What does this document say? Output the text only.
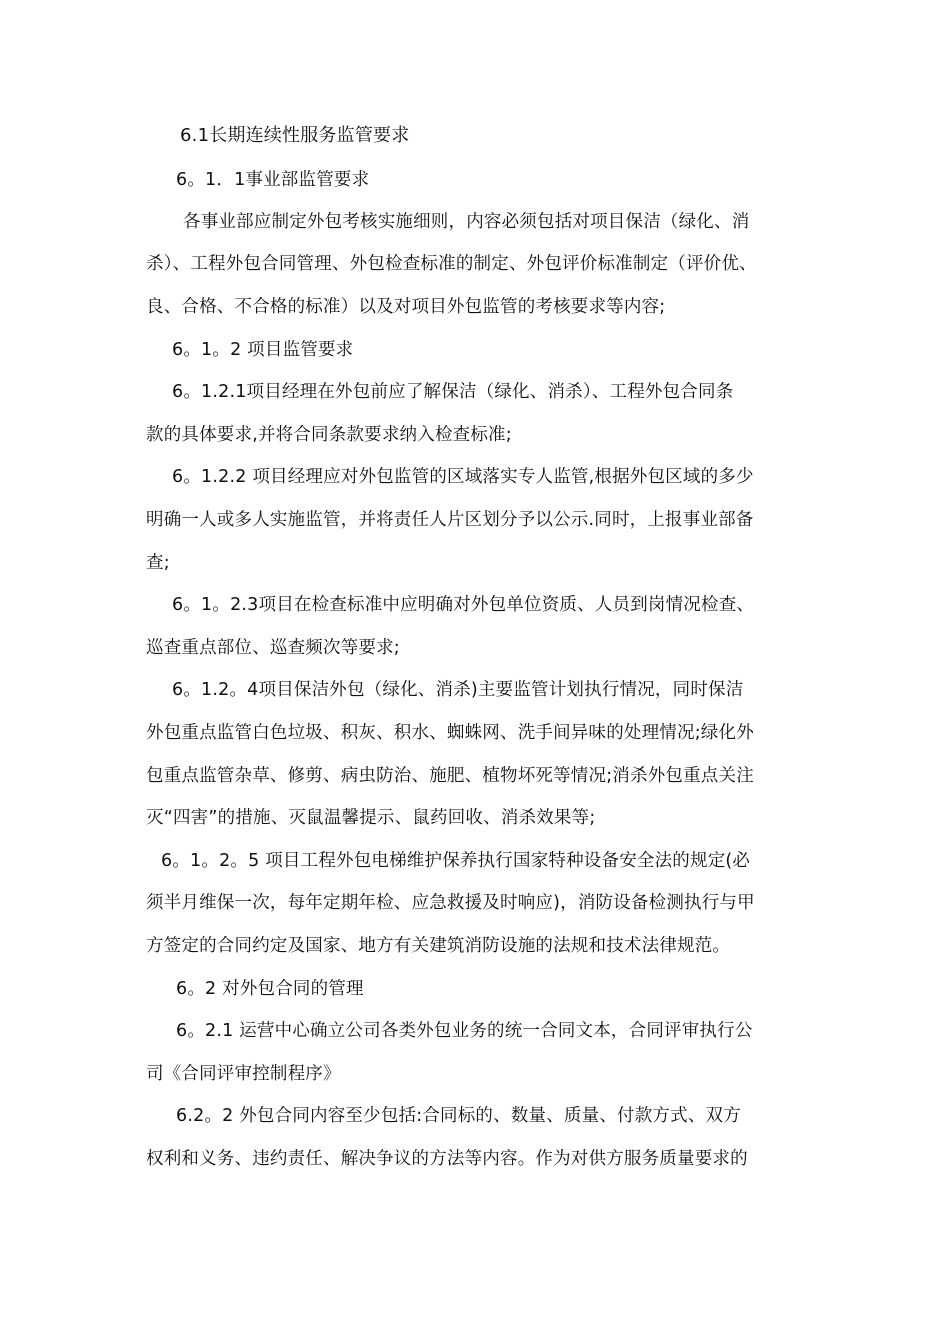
6.1长期连续性服务监管要求
6。1．1事业部监管要求
各事业部应制定外包考核实施细则，内容必须包括对项目保洁（绿化、消
杀）、工程外包合同管理、外包检查标准的制定、外包评价标准制定（评价优、
良、合格、不合格的标准）以及对项目外包监管的考核要求等内容;
6。1。2 项目监管要求
6。1.2.1项目经理在外包前应了解保洁（绿化、消杀）、工程外包合同条
款的具体要求,并将合同条款要求纳入检查标准;
6。1.2.2 项目经理应对外包监管的区域落实专人监管,根据外包区域的多少
明确一人或多人实施监管，并将责任人片区划分予以公示.同时，上报事业部备
查;
6。1。2.3项目在检查标准中应明确对外包单位资质、人员到岗情况检查、
巡查重点部位、巡查频次等要求;
6。1.2。4项目保洁外包（绿化、消杀)主要监管计划执行情况，同时保洁
外包重点监管白色垃圾、积灰、积水、蜘蛛网、洗手间异味的处理情况;绿化外
包重点监管杂草、修剪、病虫防治、施肥、植物坏死等情况;消杀外包重点关注
灭“四害”的措施、灭鼠温馨提示、鼠药回收、消杀效果等;
6。1。2。5 项目工程外包电梯维护保养执行国家特种设备安全法的规定(必
须半月维保一次，每年定期年检、应急救援及时响应)，消防设备检测执行与甲
方签定的合同约定及国家、地方有关建筑消防设施的法规和技术法律规范。
6。2 对外包合同的管理
6。2.1 运营中心确立公司各类外包业务的统一合同文本，合同评审执行公
司《合同评审控制程序》
6.2。2 外包合同内容至少包括:合同标的、数量、质量、付款方式、双方
权利和义务、违约责任、解决争议的方法等内容。作为对供方服务质量要求的
